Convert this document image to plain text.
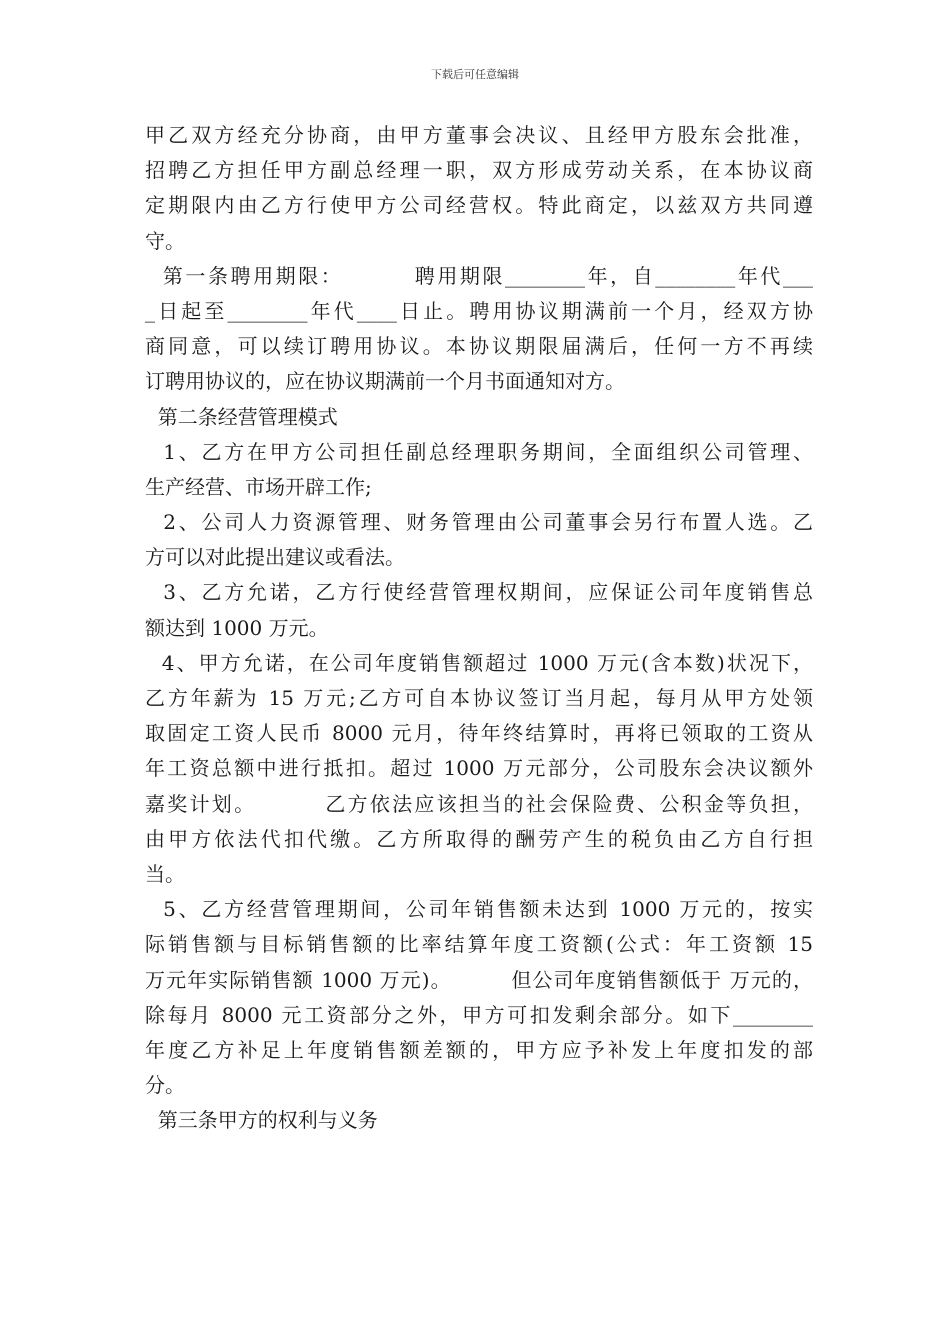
下载后可任意编辑
甲乙双方经充分协商，由甲方董事会决议、且经甲方股东会批准，
招聘乙方担任甲方副总经理一职，双方形成劳动关系，在本协议商
定期限内由乙方行使甲方公司经营权。特此商定，以兹双方共同遵
守。
第一条聘用期限：        聘用期限________年，自________年代___
_日起至________年代____日止。聘用协议期满前一个月，经双方协
商同意，可以续订聘用协议。本协议期限届满后，任何一方不再续
订聘用协议的，应在协议期满前一个月书面通知对方。
第二条经营管理模式
1、乙方在甲方公司担任副总经理职务期间，全面组织公司管理、
生产经营、市场开辟工作;
2、公司人力资源管理、财务管理由公司董事会另行布置人选。乙
方可以对此提出建议或看法。
3、乙方允诺，乙方行使经营管理权期间，应保证公司年度销售总
额达到 1000 万元。
4、甲方允诺，在公司年度销售额超过 1000 万元(含本数)状况下，
乙方年薪为 15 万元;乙方可自本协议签订当月起，每月从甲方处领
取固定工资人民币 8000 元月，待年终结算时，再将已领取的工资从
年工资总额中进行抵扣。超过 1000 万元部分，公司股东会决议额外
嘉奖计划。        乙方依法应该担当的社会保险费、公积金等负担，
由甲方依法代扣代缴。乙方所取得的酬劳产生的税负由乙方自行担
当。
5、乙方经营管理期间，公司年销售额未达到 1000 万元的，按实
际销售额与目标销售额的比率结算年度工资额(公式：年工资额 15
万元年实际销售额 1000 万元)。        但公司年度销售额低于 万元的，
除每月 8000 元工资部分之外，甲方可扣发剩余部分。如下________
年度乙方补足上年度销售额差额的，甲方应予补发上年度扣发的部
分。
第三条甲方的权利与义务
